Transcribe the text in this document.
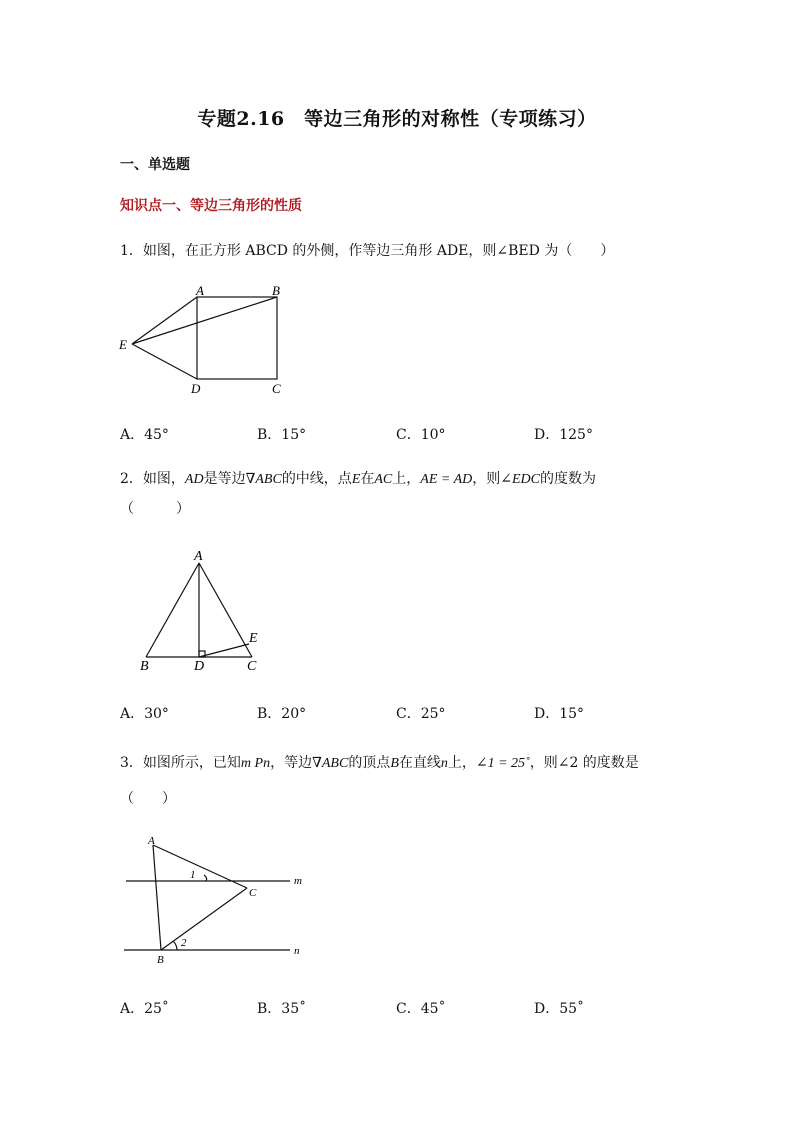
专题2.16　等边三角形的对称性（专项练习）
一、单选题
知识点一、等边三角形的性质
1．如图，在正方形 ABCD 的外侧，作等边三角形 ADE，则∠BED 为（　　）
A	B
C
D
E
A．45°	B．15°	C．10°	D．125°
2．如图，AD是等边∇ABC的中线，点E在AC上，AE = AD，则∠EDC的度数为
（　　　）
A
B	C
D
E
A．30°	B．20°	C．25°	D．15°
3．如图所示，已知m Pn，等边∇ABC的顶点B在直线n上，∠1 = 25˚，则∠2 的度数是
（　　）
A
C
B
m
n
1
2
A．25˚	B．35˚	C．45˚	D．55˚
